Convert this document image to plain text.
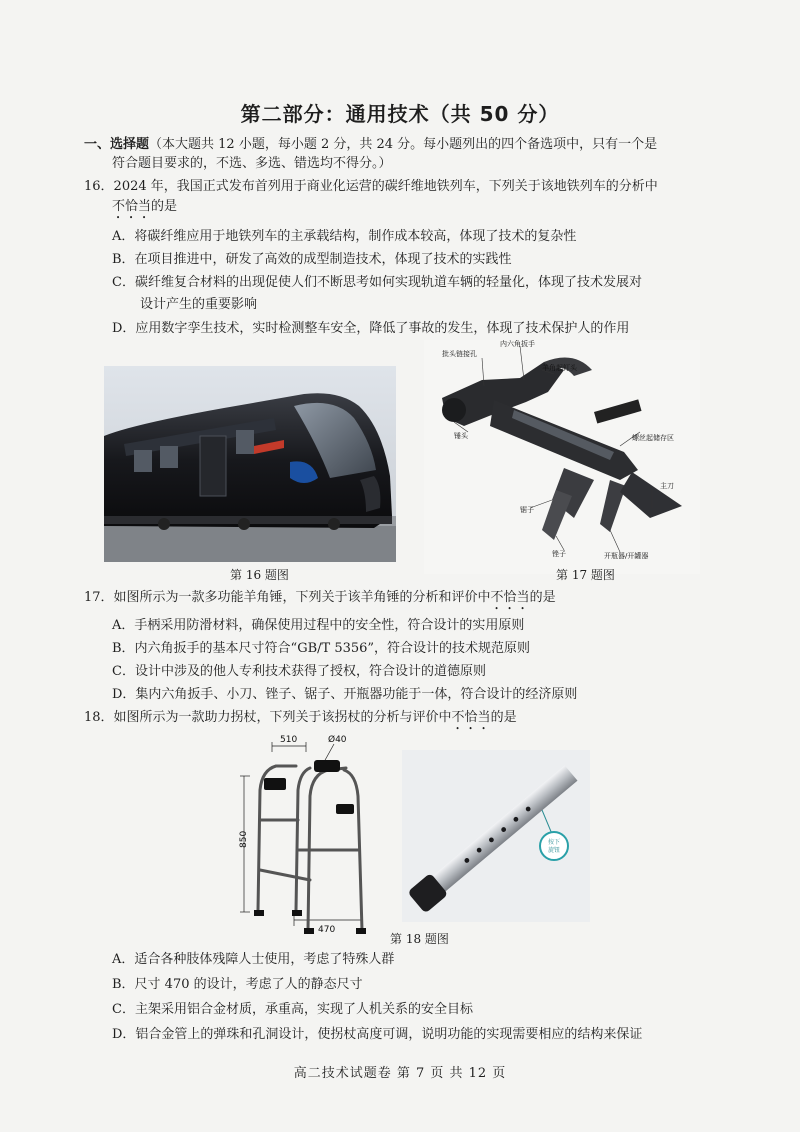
第二部分：通用技术（共 50 分）
一、选择题（本大题共 12 小题，每小题 2 分，共 24 分。每小题列出的四个备选项中，只有一个是
符合题目要求的，不选、多选、错选均不得分。）
16．2024 年，我国正式发布首列用于商业化运营的碳纤维地铁列车，下列关于该地铁列车的分析中
不恰当的是
A．将碳纤维应用于地铁列车的主承载结构，制作成本较高，体现了技术的复杂性
B．在项目推进中，研发了高效的成型制造技术，体现了技术的实践性
C．碳纤维复合材料的出现促使人们不断思考如何实现轨道车辆的轻量化，体现了技术发展对
设计产生的重要影响
D．应用数字孪生技术，实时检测整车安全，降低了事故的发生，体现了技术保护人的作用
第 16 题图
批头链接孔
内六角扳手
羊角起钉头
锤头	螺丝起储存区
主刀
锯子
锉子	开瓶器/开罐器
第 17 题图
17．如图所示为一款多功能羊角锤，下列关于该羊角锤的分析和评价中不恰当的是
A．手柄采用防滑材料，确保使用过程中的安全性，符合设计的实用原则
B．内六角扳手的基本尺寸符合“GB/T 5356”，符合设计的技术规范原则
C．设计中涉及的他人专利技术获得了授权，符合设计的道德原则
D．集内六角扳手、小刀、锉子、锯子、开瓶器功能于一体，符合设计的经济原则
18．如图所示为一款助力拐杖，下列关于该拐杖的分析与评价中不恰当的是
510	Ø40
850
470
按下
旋钮
第 18 题图
A．适合各种肢体残障人士使用，考虑了特殊人群
B．尺寸 470 的设计，考虑了人的静态尺寸
C．主架采用铝合金材质，承重高，实现了人机关系的安全目标
D．铝合金管上的弹珠和孔洞设计，使拐杖高度可调，说明功能的实现需要相应的结构来保证
高二技术试题卷 第 7 页 共 12 页
